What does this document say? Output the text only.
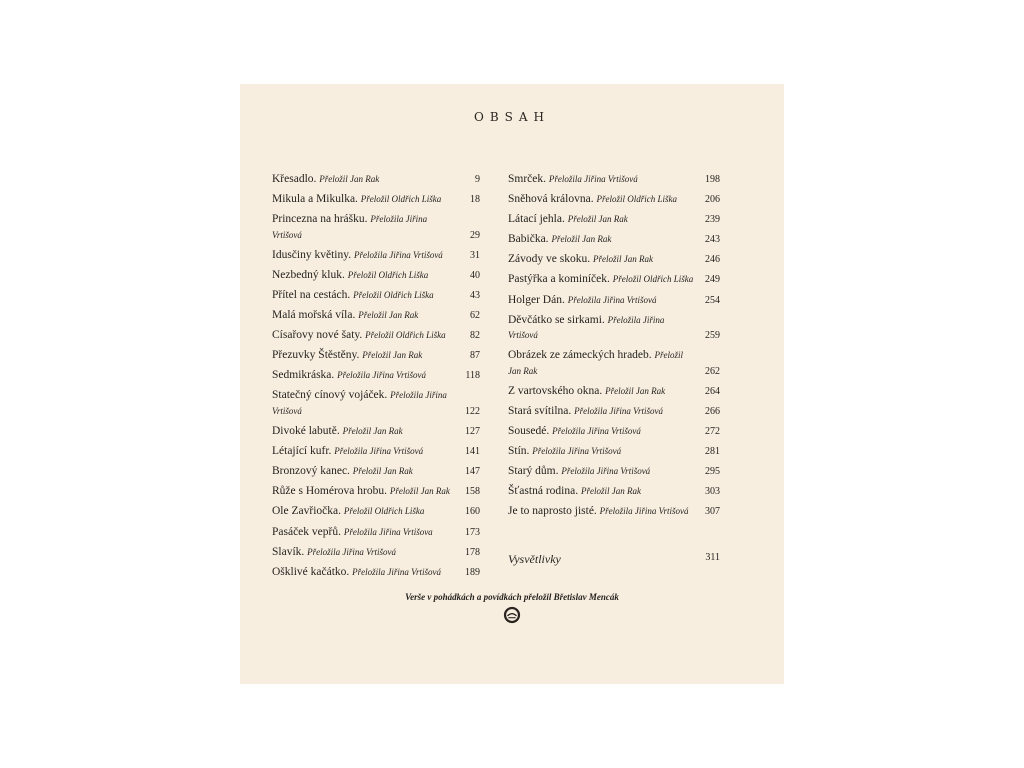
OBSAH
Křesadlo. Přeložil Jan Rak	9
Mikula a Mikulka. Přeložil Oldřich Liška	18
Princezna na hrášku. Přeložila Jiřina Vrtišová	29
Idusčiny květiny. Přeložila Jiřina Vrtišová	31
Nezbedný kluk. Přeložil Oldřich Liška	40
Přítel na cestách. Přeložil Oldřich Liška	43
Malá mořská víla. Přeložil Jan Rak	62
Císařovy nové šaty. Přeložil Oldřich Liška	82
Přezuvky Štěstěny. Přeložil Jan Rak	87
Sedmikráska. Přeložila Jiřina Vrtišová	118
Statečný cínový vojáček. Přeložila Jiřina Vrtišová	122
Divoké labutě. Přeložil Jan Rak	127
Létající kufr. Přeložila Jiřina Vrtišová	141
Bronzový kanec. Přeložil Jan Rak	147
Růže s Homérova hrobu. Přeložil Jan Rak	158
Ole Zavřiočka. Přeložil Oldřich Liška	160
Pasáček vepřů. Přeložila Jiřina Vrtišova	173
Slavík. Přeložila Jiřina Vrtišová	178
Ošklivé kačátko. Přeložila Jiřina Vrtišová	189
Smrček. Přeložila Jiřina Vrtišová	198
Sněhová královna. Přeložil Oldřich Liška	206
Látací jehla. Přeložil Jan Rak	239
Babička. Přeložil Jan Rak	243
Závody ve skoku. Přeložil Jan Rak	246
Pastýřka a kominíček. Přeložil Oldřich Liška	249
Holger Dán. Přeložila Jiřina Vrtišová	254
Děvčátko se sirkami. Přeložila Jiřina Vrtišová	259
Obrázek ze zámeckých hradeb. Přeložil Jan Rak	262
Z vartovského okna. Přeložil Jan Rak	264
Stará svítilna. Přeložila Jiřina Vrtišová	266
Sousedé. Přeložila Jiřina Vrtišová	272
Stín. Přeložila Jiřina Vrtišová	281
Starý dům. Přeložila Jiřina Vrtišová	295
Šťastná rodina. Přeložil Jan Rak	303
Je to naprosto jisté. Přeložila Jiřina Vrtišová	307
Vysvětlivky	311
Verše v pohádkách a povídkách přeložil Břetislav Mencák
